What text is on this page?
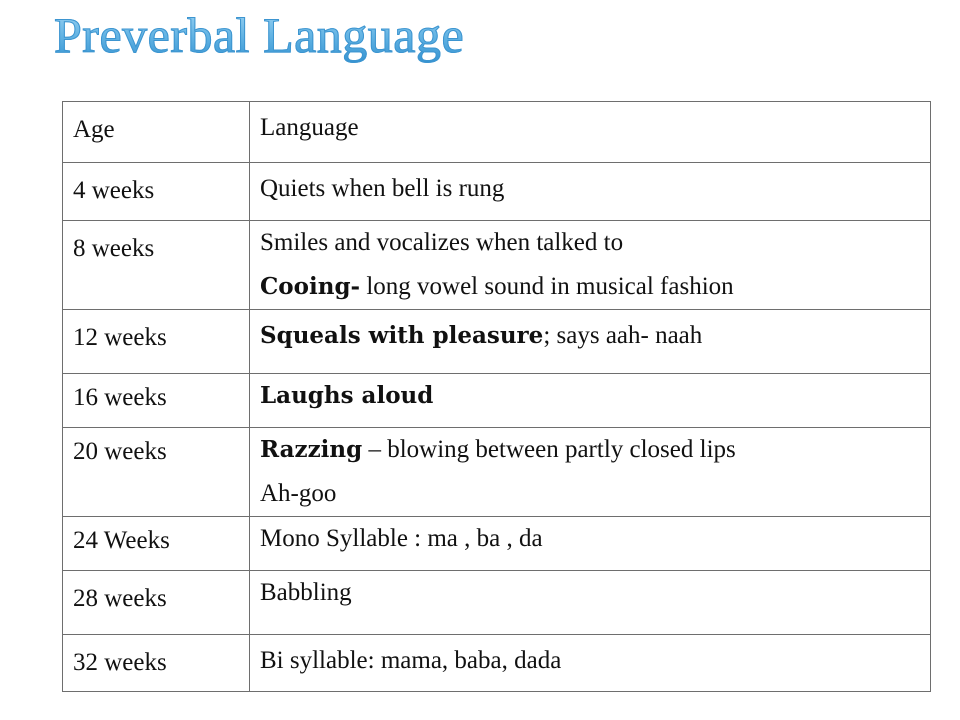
Preverbal Language
Age	Language
4 weeks	Quiets when bell is rung

8 weeks	Smiles and vocalizes when talked to
Cooing- long vowel sound in musical fashion

12 weeks	Squeals with pleasure; says aah- naah

16 weeks	Laughs aloud

20 weeks	Razzing – blowing between partly closed lips
Ah-goo

24 Weeks	Mono Syllable : ma , ba , da

28 weeks	Babbling

32 weeks	Bi syllable: mama, baba, dada
